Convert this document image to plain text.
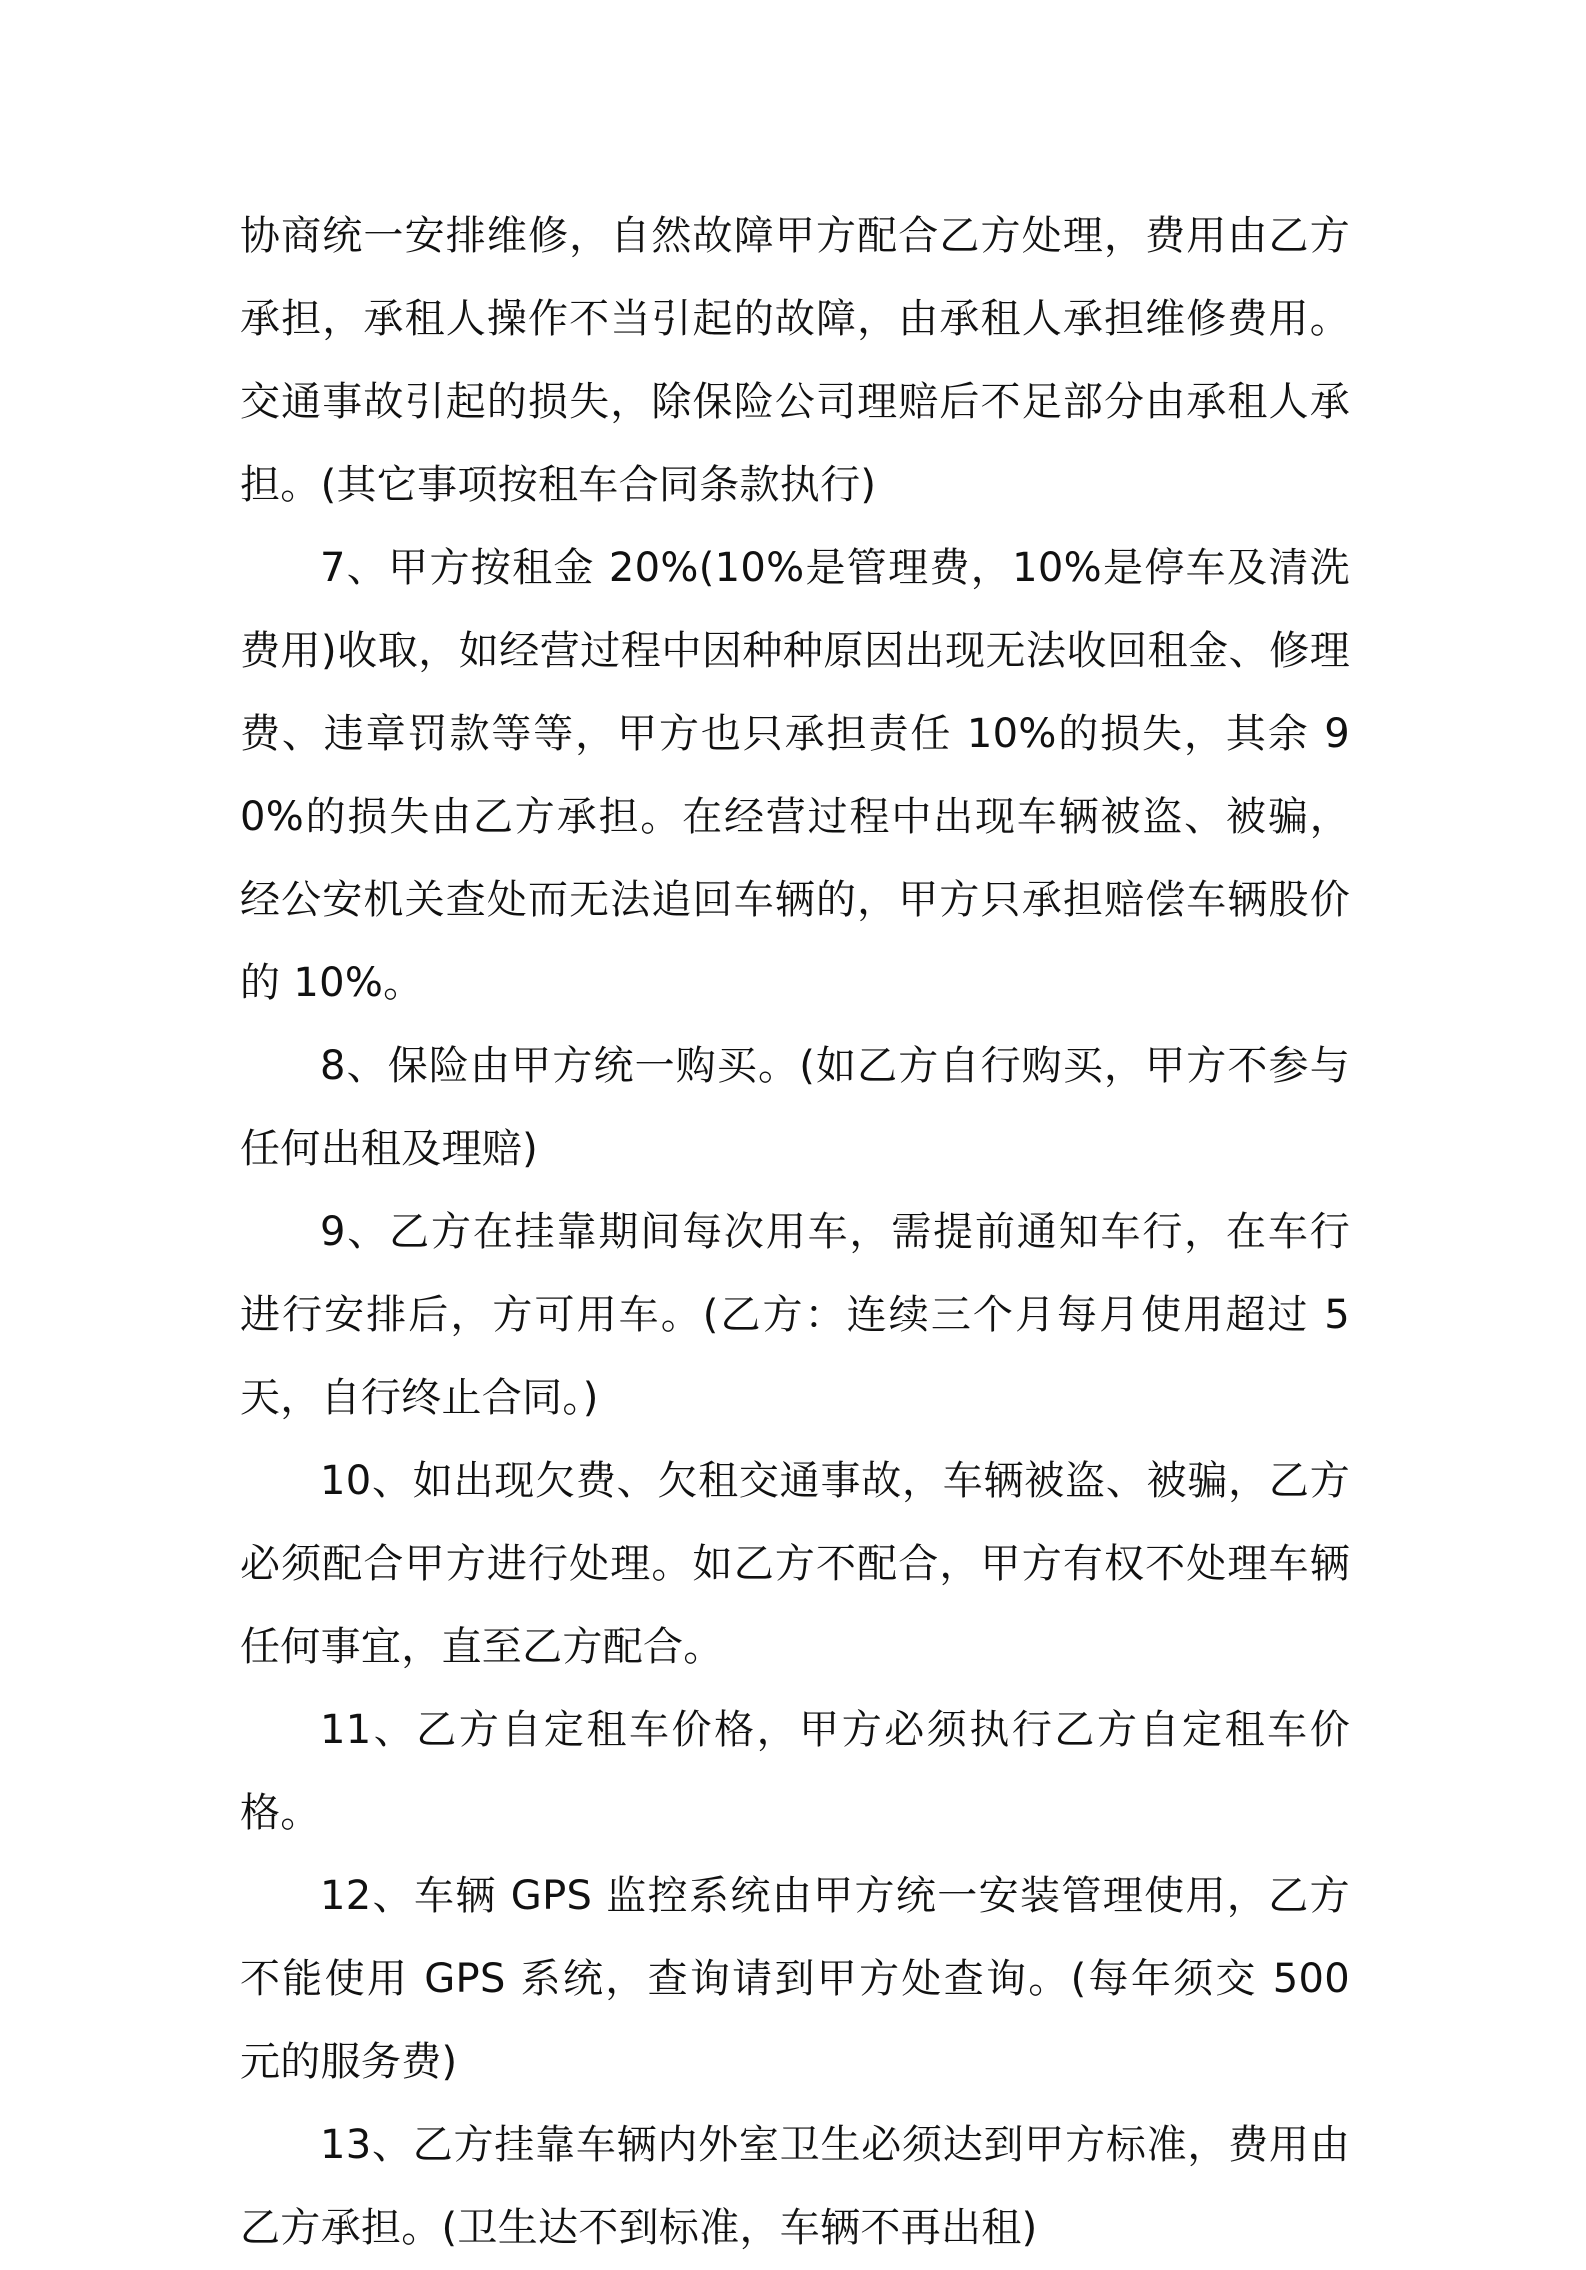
协商统一安排维修，自然故障甲方配合乙方处理，费用由乙方承担，承租人操作不当引起的故障，由承租人承担维修费用。交通事故引起的损失，除保险公司理赔后不足部分由承租人承担。(其它事项按租车合同条款执行)

7、甲方按租金 20%(10%是管理费，10%是停车及清洗费用)收取，如经营过程中因种种原因出现无法收回租金、修理费、违章罚款等等，甲方也只承担责任 10%的损失，其余 90%的损失由乙方承担。在经营过程中出现车辆被盗、被骗，经公安机关查处而无法追回车辆的，甲方只承担赔偿车辆股价的 10%。

8、保险由甲方统一购买。(如乙方自行购买，甲方不参与任何出租及理赔)

9、乙方在挂靠期间每次用车，需提前通知车行，在车行进行安排后，方可用车。(乙方：连续三个月每月使用超过 5 天，自行终止合同。)

10、如出现欠费、欠租交通事故，车辆被盗、被骗，乙方必须配合甲方进行处理。如乙方不配合，甲方有权不处理车辆任何事宜，直至乙方配合。

11、乙方自定租车价格，甲方必须执行乙方自定租车价格。

12、车辆 GPS 监控系统由甲方统一安装管理使用，乙方不能使用 GPS 系统，查询请到甲方处查询。(每年须交 500 元的服务费)

13、乙方挂靠车辆内外室卫生必须达到甲方标准，费用由乙方承担。(卫生达不到标准，车辆不再出租)
